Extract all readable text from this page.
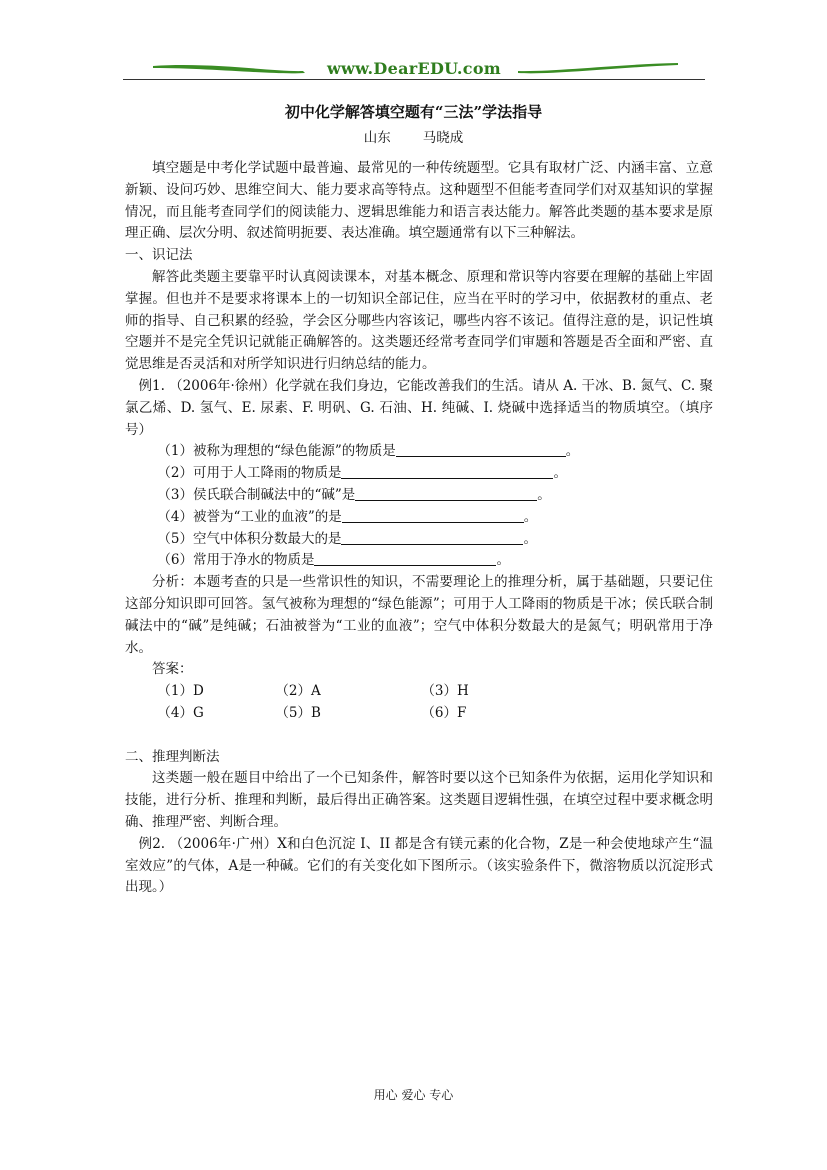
www.DearEDU.com
初中化学解答填空题有“三法”学法指导
山东 马晓成

填空题是中考化学试题中最普遍、最常见的一种传统题型。它具有取材广泛、内涵丰富、立意新颖、设问巧妙、思维空间大、能力要求高等特点。这种题型不但能考查同学们对双基知识的掌握情况，而且能考查同学们的阅读能力、逻辑思维能力和语言表达能力。解答此类题的基本要求是原理正确、层次分明、叙述简明扼要、表达准确。填空题通常有以下三种解法。

一、识记法

解答此类题主要靠平时认真阅读课本，对基本概念、原理和常识等内容要在理解的基础上牢固掌握。但也并不是要求将课本上的一切知识全部记住，应当在平时的学习中，依据教材的重点、老师的指导、自己积累的经验，学会区分哪些内容该记，哪些内容不该记。值得注意的是，识记性填空题并不是完全凭识记就能正确解答的。这类题还经常考查同学们审题和答题是否全面和严密、直觉思维是否灵活和对所学知识进行归纳总结的能力。

例1. （2006年·徐州）化学就在我们身边，它能改善我们的生活。请从 A. 干冰、B. 氮气、C. 聚氯乙烯、D. 氢气、E. 尿素、F. 明矾、G. 石油、H. 纯碱、I. 烧碱中选择适当的物质填空。（填序号）

（1）被称为理想的“绿色能源”的物质是	。

（2）可用于人工降雨的物质是	。

（3）侯氏联合制碱法中的“碱”是	。

（4）被誉为“工业的血液”的是	。

（5）空气中体积分数最大的是	。

（6）常用于净水的物质是	。

分析：本题考查的只是一些常识性的知识，不需要理论上的推理分析，属于基础题，只要记住这部分知识即可回答。氢气被称为理想的“绿色能源”；可用于人工降雨的物质是干冰；侯氏联合制碱法中的“碱”是纯碱；石油被誉为“工业的血液”；空气中体积分数最大的是氮气；明矾常用于净水。

答案：

（1）D	（2）A	（3）H
（4）G	（5）B	（6）F

二、推理判断法

这类题一般在题目中给出了一个已知条件，解答时要以这个已知条件为依据，运用化学知识和技能，进行分析、推理和判断，最后得出正确答案。这类题目逻辑性强，在填空过程中要求概念明确、推理严密、判断合理。

例2. （2006年·广州）X和白色沉淀 I、II 都是含有镁元素的化合物，Z是一种会使地球产生“温室效应”的气体，A是一种碱。它们的有关变化如下图所示。（该实验条件下，微溶物质以沉淀形式出现。）

用心 爱心 专心
